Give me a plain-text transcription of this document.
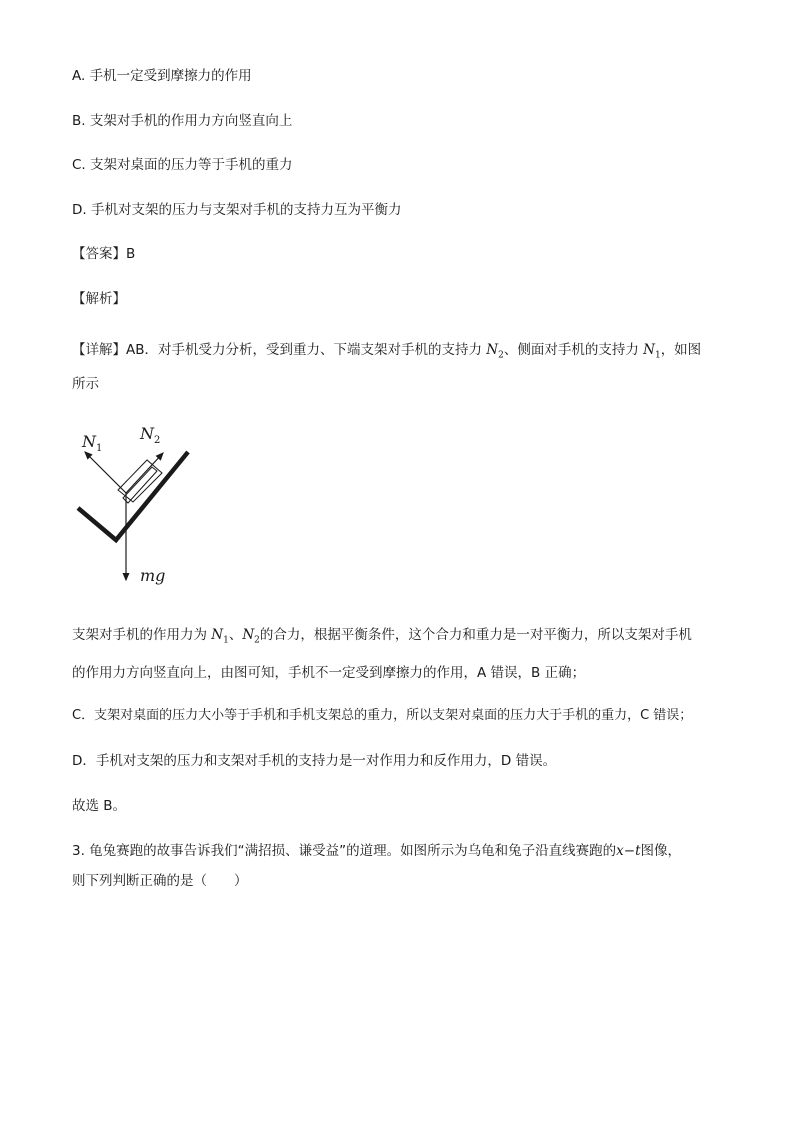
A. 手机一定受到摩擦力的作用
B. 支架对手机的作用力方向竖直向上
C. 支架对桌面的压力等于手机的重力
D. 手机对支架的压力与支架对手机的支持力互为平衡力
【答案】B
【解析】
【详解】AB．对手机受力分析，受到重力、下端支架对手机的支持力 $N_2$、侧面对手机的支持力 $N_1$，如图
所示
$N_1$
$N_2$
mg
支架对手机的作用力为 $N_1$、$N_2$的合力，根据平衡条件，这个合力和重力是一对平衡力，所以支架对手机
的作用力方向竖直向上，由图可知，手机不一定受到摩擦力的作用，A 错误，B 正确；
C．支架对桌面的压力大小等于手机和手机支架总的重力，所以支架对桌面的压力大于手机的重力，C 错误；
D．手机对支架的压力和支架对手机的支持力是一对作用力和反作用力，D 错误。
故选 B。
3. 龟兔赛跑的故事告诉我们“满招损、谦受益”的道理。如图所示为乌龟和兔子沿直线赛跑的x−t图像，
则下列判断正确的是（　　）
